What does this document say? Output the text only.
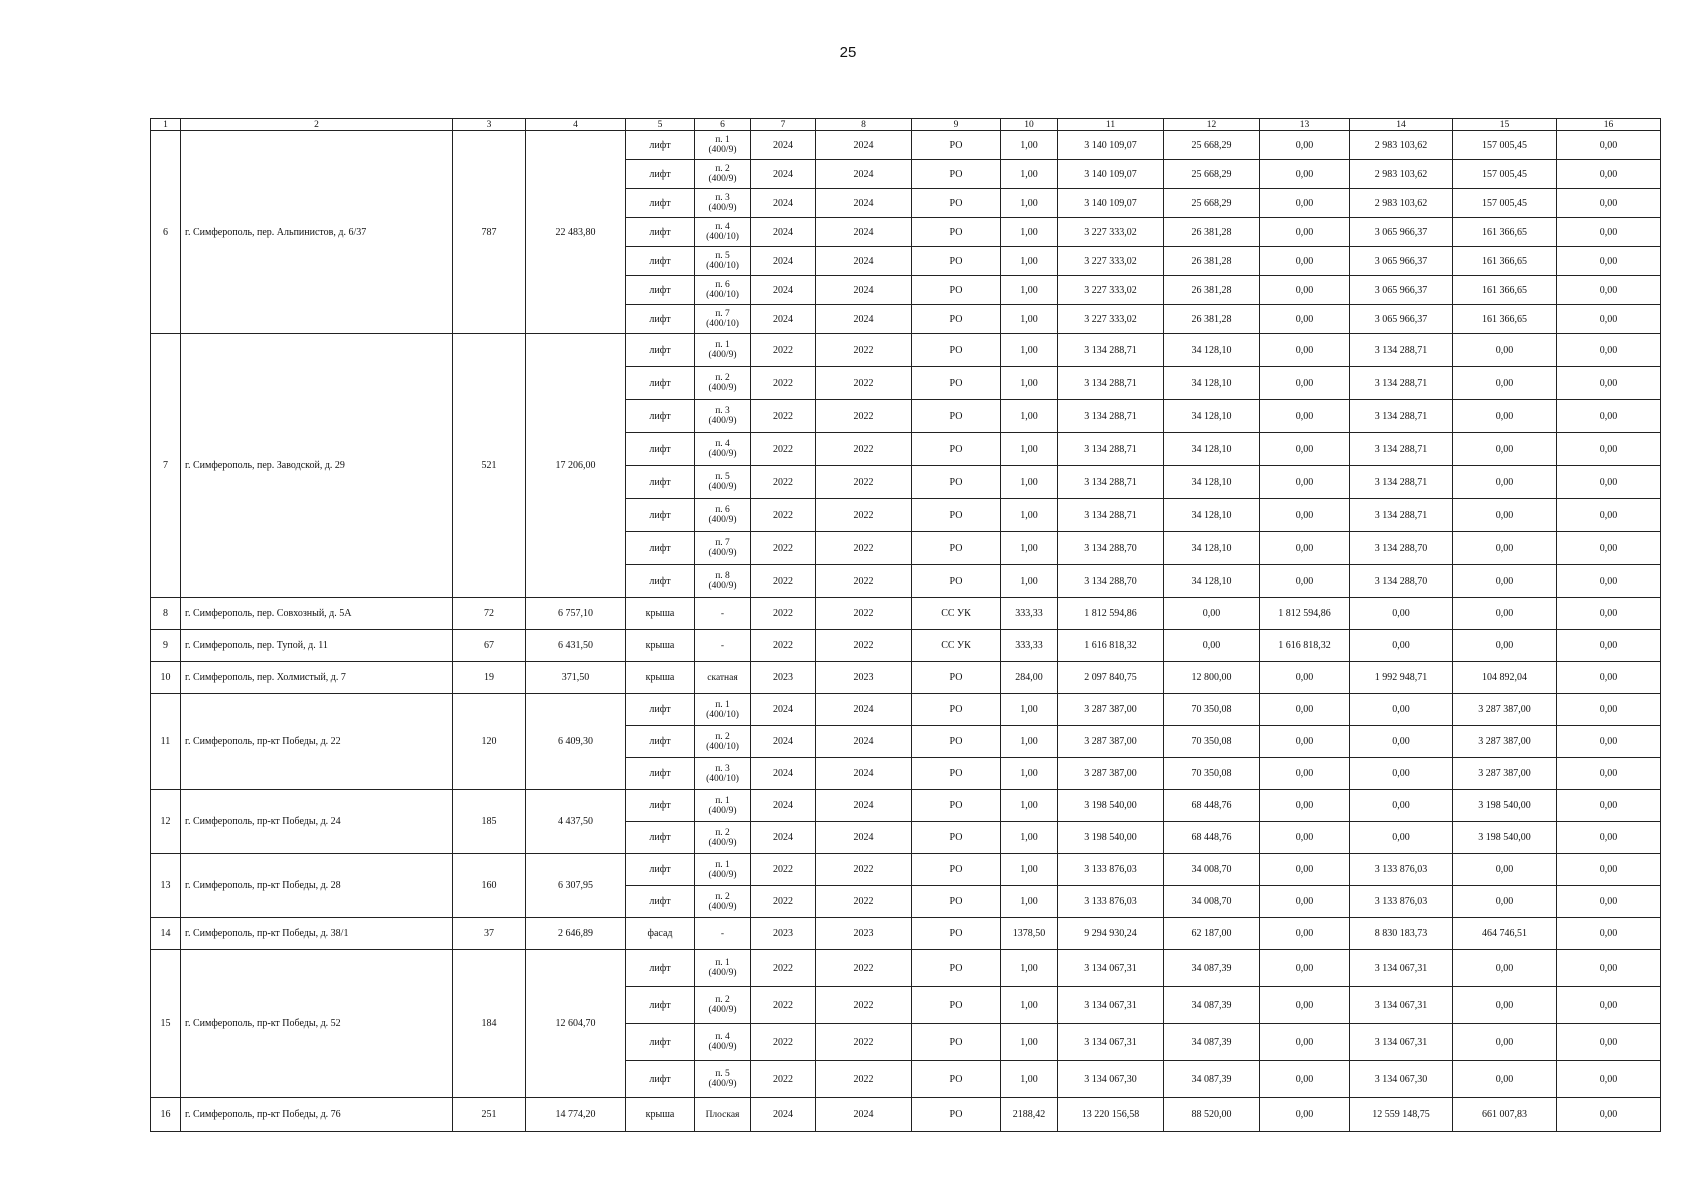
25
1	2	3	4	5	6	7	8	9	10	11	12	13	14	15	16
6	г. Симферополь, пер. Альпинистов, д. 6/37	787	22 483,80	лифт	п. 1
(400/9)	2024	2024	РО	1,00	3 140 109,07	25 668,29	0,00	2 983 103,62	157 005,45	0,00
				лифт	п. 2
(400/9)	2024	2024	РО	1,00	3 140 109,07	25 668,29	0,00	2 983 103,62	157 005,45	0,00
				лифт	п. 3
(400/9)	2024	2024	РО	1,00	3 140 109,07	25 668,29	0,00	2 983 103,62	157 005,45	0,00
				лифт	п. 4
(400/10)	2024	2024	РО	1,00	3 227 333,02	26 381,28	0,00	3 065 966,37	161 366,65	0,00
				лифт	п. 5
(400/10)	2024	2024	РО	1,00	3 227 333,02	26 381,28	0,00	3 065 966,37	161 366,65	0,00
				лифт	п. 6
(400/10)	2024	2024	РО	1,00	3 227 333,02	26 381,28	0,00	3 065 966,37	161 366,65	0,00
				лифт	п. 7
(400/10)	2024	2024	РО	1,00	3 227 333,02	26 381,28	0,00	3 065 966,37	161 366,65	0,00
7	г. Симферополь, пер. Заводской, д. 29	521	17 206,00	лифт	п. 1
(400/9)	2022	2022	РО	1,00	3 134 288,71	34 128,10	0,00	3 134 288,71	0,00	0,00
				лифт	п. 2
(400/9)	2022	2022	РО	1,00	3 134 288,71	34 128,10	0,00	3 134 288,71	0,00	0,00
				лифт	п. 3
(400/9)	2022	2022	РО	1,00	3 134 288,71	34 128,10	0,00	3 134 288,71	0,00	0,00
				лифт	п. 4
(400/9)	2022	2022	РО	1,00	3 134 288,71	34 128,10	0,00	3 134 288,71	0,00	0,00
				лифт	п. 5
(400/9)	2022	2022	РО	1,00	3 134 288,71	34 128,10	0,00	3 134 288,71	0,00	0,00
				лифт	п. 6
(400/9)	2022	2022	РО	1,00	3 134 288,71	34 128,10	0,00	3 134 288,71	0,00	0,00
				лифт	п. 7
(400/9)	2022	2022	РО	1,00	3 134 288,70	34 128,10	0,00	3 134 288,70	0,00	0,00
				лифт	п. 8
(400/9)	2022	2022	РО	1,00	3 134 288,70	34 128,10	0,00	3 134 288,70	0,00	0,00
8	г. Симферополь, пер. Совхозный, д. 5А	72	6 757,10	крыша	-	2022	2022	СС УК	333,33	1 812 594,86	0,00	1 812 594,86	0,00	0,00	0,00
9	г. Симферополь, пер. Тупой, д. 11	67	6 431,50	крыша	-	2022	2022	СС УК	333,33	1 616 818,32	0,00	1 616 818,32	0,00	0,00	0,00
10	г. Симферополь, пер. Холмистый, д. 7	19	371,50	крыша	скатная	2023	2023	РО	284,00	2 097 840,75	12 800,00	0,00	1 992 948,71	104 892,04	0,00
11	г. Симферополь, пр-кт Победы, д. 22	120	6 409,30	лифт	п. 1
(400/10)	2024	2024	РО	1,00	3 287 387,00	70 350,08	0,00	0,00	3 287 387,00	0,00
				лифт	п. 2
(400/10)	2024	2024	РО	1,00	3 287 387,00	70 350,08	0,00	0,00	3 287 387,00	0,00
				лифт	п. 3
(400/10)	2024	2024	РО	1,00	3 287 387,00	70 350,08	0,00	0,00	3 287 387,00	0,00
12	г. Симферополь, пр-кт Победы, д. 24	185	4 437,50	лифт	п. 1
(400/9)	2024	2024	РО	1,00	3 198 540,00	68 448,76	0,00	0,00	3 198 540,00	0,00
				лифт	п. 2
(400/9)	2024	2024	РО	1,00	3 198 540,00	68 448,76	0,00	0,00	3 198 540,00	0,00
13	г. Симферополь, пр-кт Победы, д. 28	160	6 307,95	лифт	п. 1
(400/9)	2022	2022	РО	1,00	3 133 876,03	34 008,70	0,00	3 133 876,03	0,00	0,00
				лифт	п. 2
(400/9)	2022	2022	РО	1,00	3 133 876,03	34 008,70	0,00	3 133 876,03	0,00	0,00
14	г. Симферополь, пр-кт Победы, д. 38/1	37	2 646,89	фасад	-	2023	2023	РО	1378,50	9 294 930,24	62 187,00	0,00	8 830 183,73	464 746,51	0,00
15	г. Симферополь, пр-кт Победы, д. 52	184	12 604,70	лифт	п. 1
(400/9)	2022	2022	РО	1,00	3 134 067,31	34 087,39	0,00	3 134 067,31	0,00	0,00
				лифт	п. 2
(400/9)	2022	2022	РО	1,00	3 134 067,31	34 087,39	0,00	3 134 067,31	0,00	0,00
				лифт	п. 4
(400/9)	2022	2022	РО	1,00	3 134 067,31	34 087,39	0,00	3 134 067,31	0,00	0,00
				лифт	п. 5
(400/9)	2022	2022	РО	1,00	3 134 067,30	34 087,39	0,00	3 134 067,30	0,00	0,00
16	г. Симферополь, пр-кт Победы, д. 76	251	14 774,20	крыша	Плоская	2024	2024	РО	2188,42	13 220 156,58	88 520,00	0,00	12 559 148,75	661 007,83	0,00
